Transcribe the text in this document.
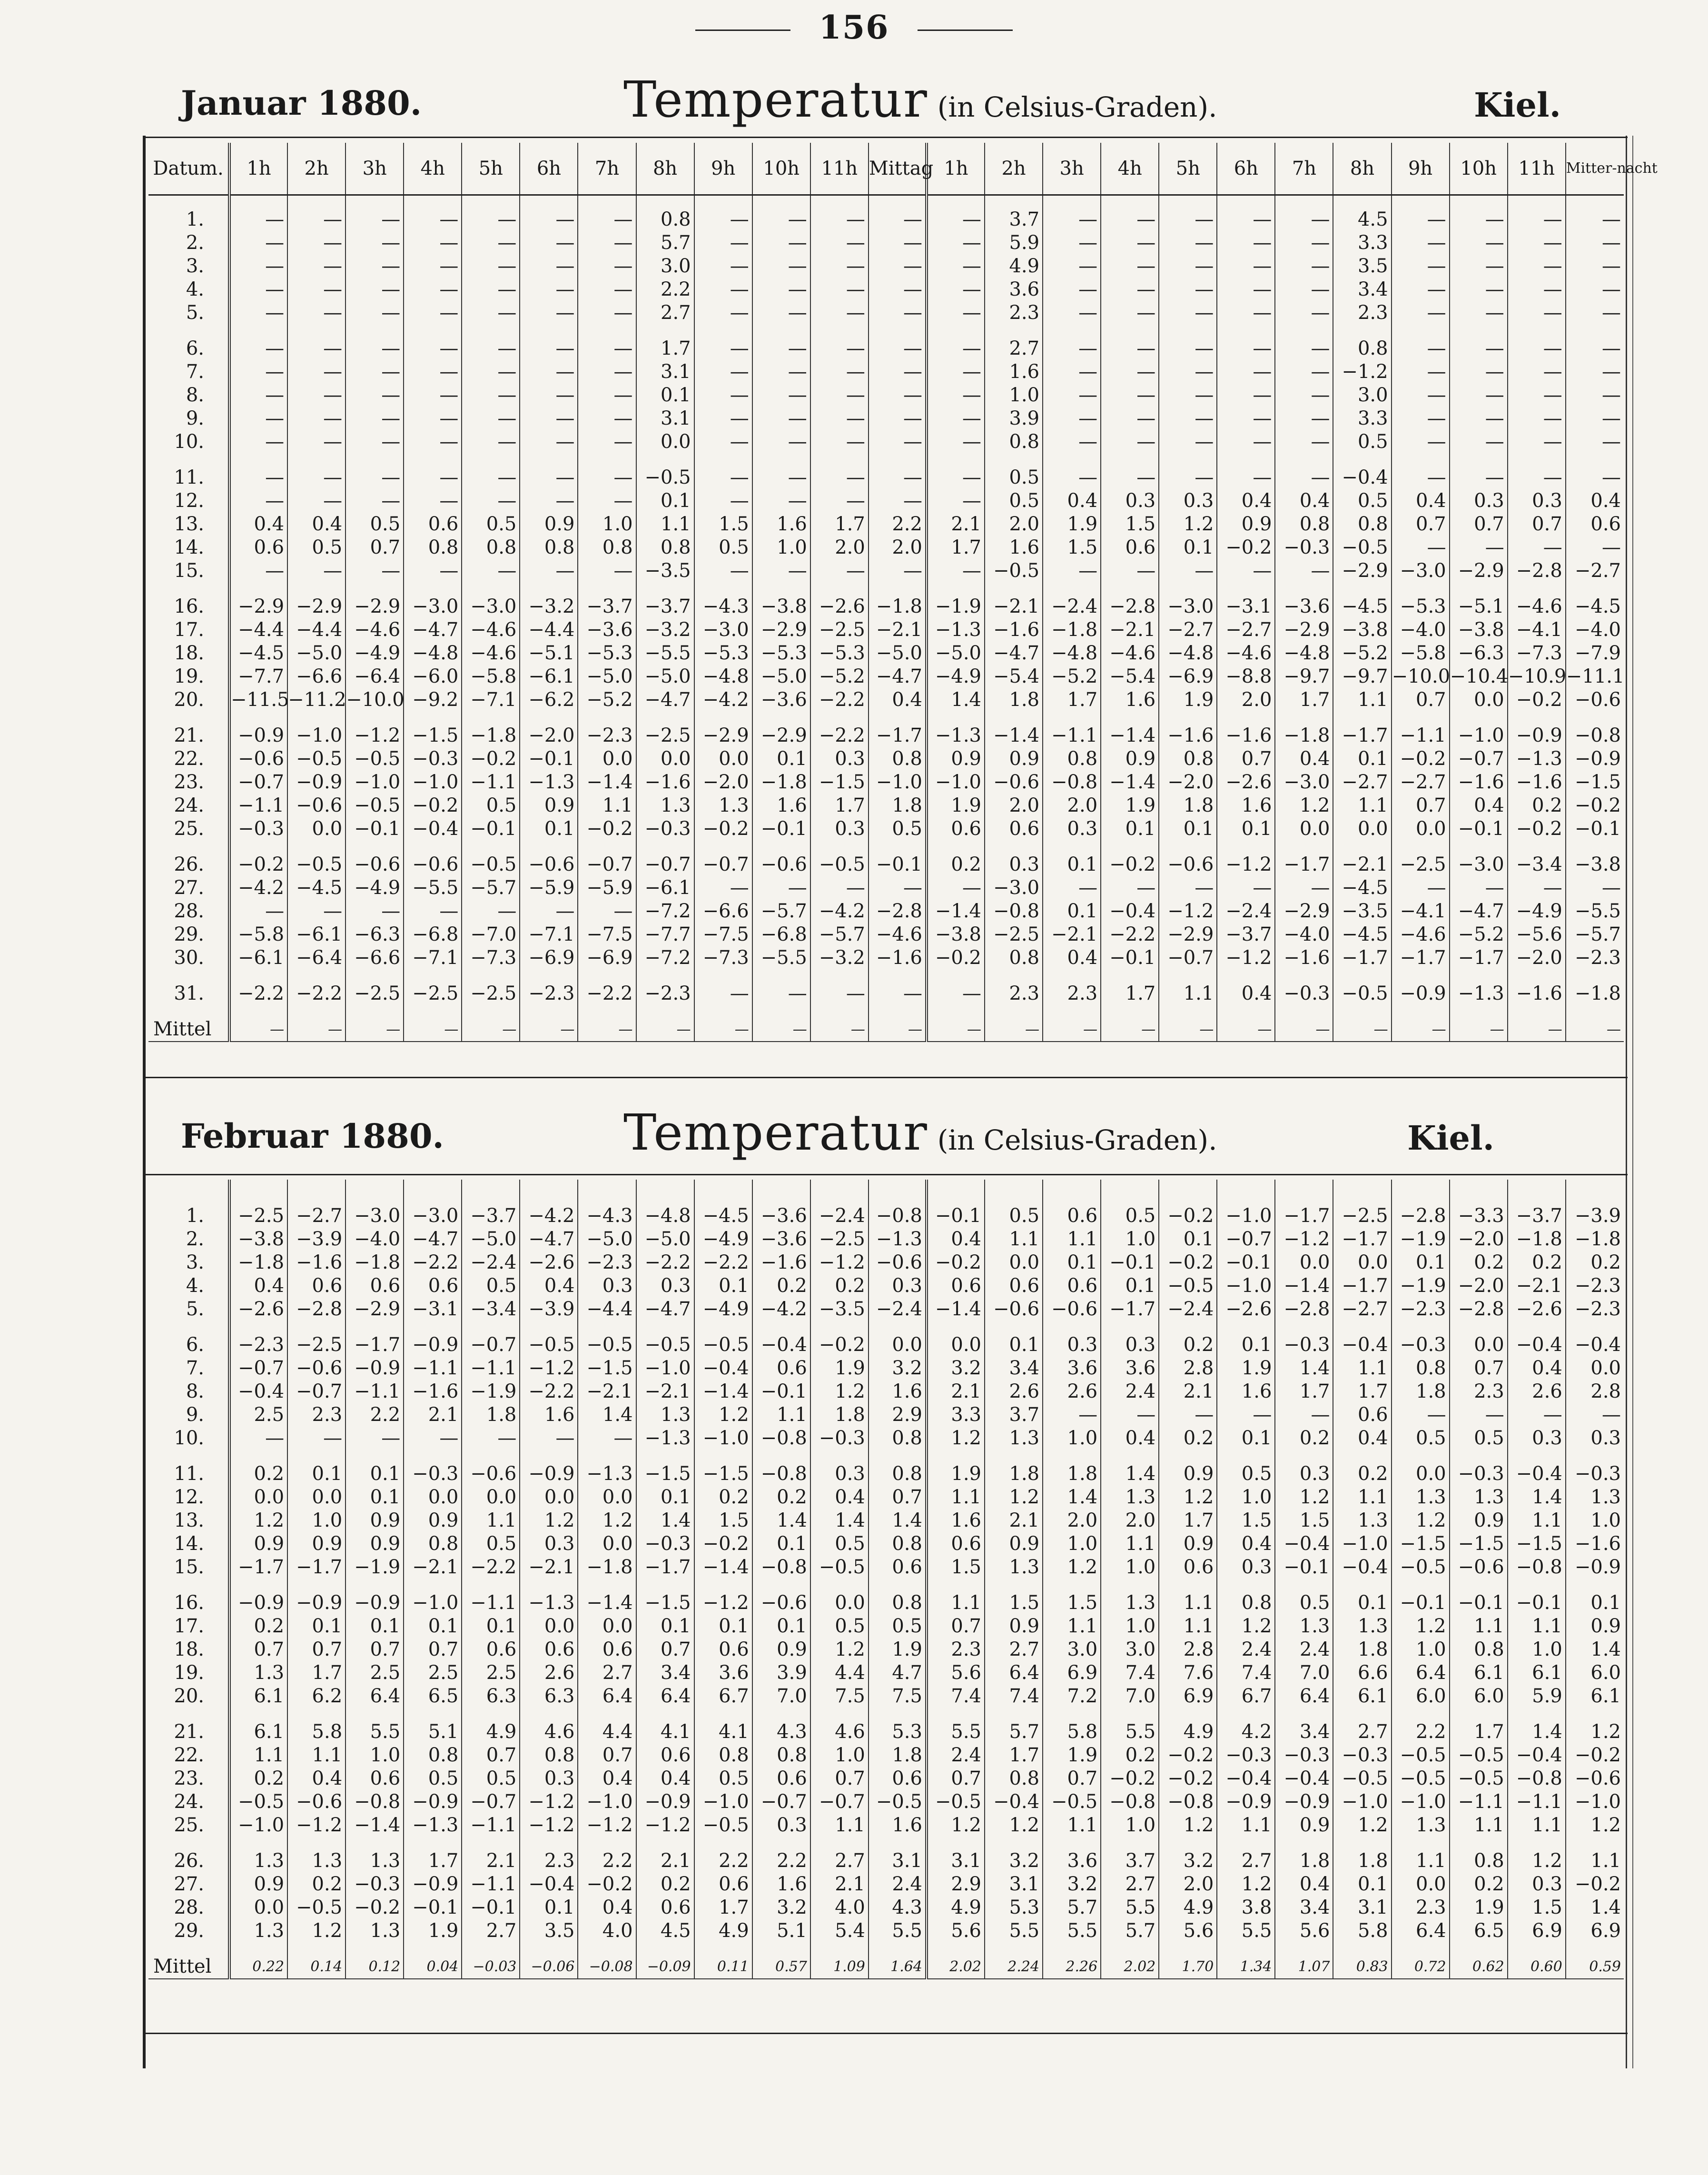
156
Januar 1880.	Temperatur (in Celsius-Graden).	Kiel.
Februar 1880.	Temperatur (in Celsius-Graden).	Kiel.
Datum.	1h	2h	3h	4h	5h	6h	7h	8h	9h	10h	11h	Mittag	1h	2h	3h	4h	5h	6h	7h	8h	9h	10h	11h	Mitter-nacht

1.	—	—	—	—	—	—	—	0.8	—	—	—	—	—	3.7	—	—	—	—	—	4.5	—	—	—	—
2.	—	—	—	—	—	—	—	5.7	—	—	—	—	—	5.9	—	—	—	—	—	3.3	—	—	—	—
3.	—	—	—	—	—	—	—	3.0	—	—	—	—	—	4.9	—	—	—	—	—	3.5	—	—	—	—
4.	—	—	—	—	—	—	—	2.2	—	—	—	—	—	3.6	—	—	—	—	—	3.4	—	—	—	—
5.	—	—	—	—	—	—	—	2.7	—	—	—	—	—	2.3	—	—	—	—	—	2.3	—	—	—	—

6.	—	—	—	—	—	—	—	1.7	—	—	—	—	—	2.7	—	—	—	—	—	0.8	—	—	—	—
7.	—	—	—	—	—	—	—	3.1	—	—	—	—	—	1.6	—	—	—	—	—	−1.2	—	—	—	—
8.	—	—	—	—	—	—	—	0.1	—	—	—	—	—	1.0	—	—	—	—	—	3.0	—	—	—	—
9.	—	—	—	—	—	—	—	3.1	—	—	—	—	—	3.9	—	—	—	—	—	3.3	—	—	—	—
10.	—	—	—	—	—	—	—	0.0	—	—	—	—	—	0.8	—	—	—	—	—	0.5	—	—	—	—

11.	—	—	—	—	—	—	—	−0.5	—	—	—	—	—	0.5	—	—	—	—	—	−0.4	—	—	—	—
12.	—	—	—	—	—	—	—	0.1	—	—	—	—	—	0.5	0.4	0.3	0.3	0.4	0.4	0.5	0.4	0.3	0.3	0.4
13.	0.4	0.4	0.5	0.6	0.5	0.9	1.0	1.1	1.5	1.6	1.7	2.2	2.1	2.0	1.9	1.5	1.2	0.9	0.8	0.8	0.7	0.7	0.7	0.6
14.	0.6	0.5	0.7	0.8	0.8	0.8	0.8	0.8	0.5	1.0	2.0	2.0	1.7	1.6	1.5	0.6	0.1	−0.2	−0.3	−0.5	—	—	—	—
15.	—	—	—	—	—	—	—	−3.5	—	—	—	—	—	−0.5	—	—	—	—	—	−2.9	−3.0	−2.9	−2.8	−2.7

16.	−2.9	−2.9	−2.9	−3.0	−3.0	−3.2	−3.7	−3.7	−4.3	−3.8	−2.6	−1.8	−1.9	−2.1	−2.4	−2.8	−3.0	−3.1	−3.6	−4.5	−5.3	−5.1	−4.6	−4.5
17.	−4.4	−4.4	−4.6	−4.7	−4.6	−4.4	−3.6	−3.2	−3.0	−2.9	−2.5	−2.1	−1.3	−1.6	−1.8	−2.1	−2.7	−2.7	−2.9	−3.8	−4.0	−3.8	−4.1	−4.0
18.	−4.5	−5.0	−4.9	−4.8	−4.6	−5.1	−5.3	−5.5	−5.3	−5.3	−5.3	−5.0	−5.0	−4.7	−4.8	−4.6	−4.8	−4.6	−4.8	−5.2	−5.8	−6.3	−7.3	−7.9
19.	−7.7	−6.6	−6.4	−6.0	−5.8	−6.1	−5.0	−5.0	−4.8	−5.0	−5.2	−4.7	−4.9	−5.4	−5.2	−5.4	−6.9	−8.8	−9.7	−9.7	−10.0	−10.4	−10.9	−11.1
20.	−11.5	−11.2	−10.0	−9.2	−7.1	−6.2	−5.2	−4.7	−4.2	−3.6	−2.2	0.4	1.4	1.8	1.7	1.6	1.9	2.0	1.7	1.1	0.7	0.0	−0.2	−0.6

21.	−0.9	−1.0	−1.2	−1.5	−1.8	−2.0	−2.3	−2.5	−2.9	−2.9	−2.2	−1.7	−1.3	−1.4	−1.1	−1.4	−1.6	−1.6	−1.8	−1.7	−1.1	−1.0	−0.9	−0.8
22.	−0.6	−0.5	−0.5	−0.3	−0.2	−0.1	0.0	0.0	0.0	0.1	0.3	0.8	0.9	0.9	0.8	0.9	0.8	0.7	0.4	0.1	−0.2	−0.7	−1.3	−0.9
23.	−0.7	−0.9	−1.0	−1.0	−1.1	−1.3	−1.4	−1.6	−2.0	−1.8	−1.5	−1.0	−1.0	−0.6	−0.8	−1.4	−2.0	−2.6	−3.0	−2.7	−2.7	−1.6	−1.6	−1.5
24.	−1.1	−0.6	−0.5	−0.2	0.5	0.9	1.1	1.3	1.3	1.6	1.7	1.8	1.9	2.0	2.0	1.9	1.8	1.6	1.2	1.1	0.7	0.4	0.2	−0.2
25.	−0.3	0.0	−0.1	−0.4	−0.1	0.1	−0.2	−0.3	−0.2	−0.1	0.3	0.5	0.6	0.6	0.3	0.1	0.1	0.1	0.0	0.0	0.0	−0.1	−0.2	−0.1

26.	−0.2	−0.5	−0.6	−0.6	−0.5	−0.6	−0.7	−0.7	−0.7	−0.6	−0.5	−0.1	0.2	0.3	0.1	−0.2	−0.6	−1.2	−1.7	−2.1	−2.5	−3.0	−3.4	−3.8
27.	−4.2	−4.5	−4.9	−5.5	−5.7	−5.9	−5.9	−6.1	—	—	—	—	—	−3.0	—	—	—	—	—	−4.5	—	—	—	—
28.	—	—	—	—	—	—	—	−7.2	−6.6	−5.7	−4.2	−2.8	−1.4	−0.8	0.1	−0.4	−1.2	−2.4	−2.9	−3.5	−4.1	−4.7	−4.9	−5.5
29.	−5.8	−6.1	−6.3	−6.8	−7.0	−7.1	−7.5	−7.7	−7.5	−6.8	−5.7	−4.6	−3.8	−2.5	−2.1	−2.2	−2.9	−3.7	−4.0	−4.5	−4.6	−5.2	−5.6	−5.7
30.	−6.1	−6.4	−6.6	−7.1	−7.3	−6.9	−6.9	−7.2	−7.3	−5.5	−3.2	−1.6	−0.2	0.8	0.4	−0.1	−0.7	−1.2	−1.6	−1.7	−1.7	−1.7	−2.0	−2.3

31.	−2.2	−2.2	−2.5	−2.5	−2.5	−2.3	−2.2	−2.3	—	—	—	—	—	2.3	2.3	1.7	1.1	0.4	−0.3	−0.5	−0.9	−1.3	−1.6	−1.8

Mittel	—	—	—	—	—	—	—	—	—	—	—	—	—	—	—	—	—	—	—	—	—	—	—	—

1.	−2.5	−2.7	−3.0	−3.0	−3.7	−4.2	−4.3	−4.8	−4.5	−3.6	−2.4	−0.8	−0.1	0.5	0.6	0.5	−0.2	−1.0	−1.7	−2.5	−2.8	−3.3	−3.7	−3.9
2.	−3.8	−3.9	−4.0	−4.7	−5.0	−4.7	−5.0	−5.0	−4.9	−3.6	−2.5	−1.3	0.4	1.1	1.1	1.0	0.1	−0.7	−1.2	−1.7	−1.9	−2.0	−1.8	−1.8
3.	−1.8	−1.6	−1.8	−2.2	−2.4	−2.6	−2.3	−2.2	−2.2	−1.6	−1.2	−0.6	−0.2	0.0	0.1	−0.1	−0.2	−0.1	0.0	0.0	0.1	0.2	0.2	0.2
4.	0.4	0.6	0.6	0.6	0.5	0.4	0.3	0.3	0.1	0.2	0.2	0.3	0.6	0.6	0.6	0.1	−0.5	−1.0	−1.4	−1.7	−1.9	−2.0	−2.1	−2.3
5.	−2.6	−2.8	−2.9	−3.1	−3.4	−3.9	−4.4	−4.7	−4.9	−4.2	−3.5	−2.4	−1.4	−0.6	−0.6	−1.7	−2.4	−2.6	−2.8	−2.7	−2.3	−2.8	−2.6	−2.3

6.	−2.3	−2.5	−1.7	−0.9	−0.7	−0.5	−0.5	−0.5	−0.5	−0.4	−0.2	0.0	0.0	0.1	0.3	0.3	0.2	0.1	−0.3	−0.4	−0.3	0.0	−0.4	−0.4
7.	−0.7	−0.6	−0.9	−1.1	−1.1	−1.2	−1.5	−1.0	−0.4	0.6	1.9	3.2	3.2	3.4	3.6	3.6	2.8	1.9	1.4	1.1	0.8	0.7	0.4	0.0
8.	−0.4	−0.7	−1.1	−1.6	−1.9	−2.2	−2.1	−2.1	−1.4	−0.1	1.2	1.6	2.1	2.6	2.6	2.4	2.1	1.6	1.7	1.7	1.8	2.3	2.6	2.8
9.	2.5	2.3	2.2	2.1	1.8	1.6	1.4	1.3	1.2	1.1	1.8	2.9	3.3	3.7	—	—	—	—	—	0.6	—	—	—	—
10.	—	—	—	—	—	—	—	−1.3	−1.0	−0.8	−0.3	0.8	1.2	1.3	1.0	0.4	0.2	0.1	0.2	0.4	0.5	0.5	0.3	0.3

11.	0.2	0.1	0.1	−0.3	−0.6	−0.9	−1.3	−1.5	−1.5	−0.8	0.3	0.8	1.9	1.8	1.8	1.4	0.9	0.5	0.3	0.2	0.0	−0.3	−0.4	−0.3
12.	0.0	0.0	0.1	0.0	0.0	0.0	0.0	0.1	0.2	0.2	0.4	0.7	1.1	1.2	1.4	1.3	1.2	1.0	1.2	1.1	1.3	1.3	1.4	1.3
13.	1.2	1.0	0.9	0.9	1.1	1.2	1.2	1.4	1.5	1.4	1.4	1.4	1.6	2.1	2.0	2.0	1.7	1.5	1.5	1.3	1.2	0.9	1.1	1.0
14.	0.9	0.9	0.9	0.8	0.5	0.3	0.0	−0.3	−0.2	0.1	0.5	0.8	0.6	0.9	1.0	1.1	0.9	0.4	−0.4	−1.0	−1.5	−1.5	−1.5	−1.6
15.	−1.7	−1.7	−1.9	−2.1	−2.2	−2.1	−1.8	−1.7	−1.4	−0.8	−0.5	0.6	1.5	1.3	1.2	1.0	0.6	0.3	−0.1	−0.4	−0.5	−0.6	−0.8	−0.9

16.	−0.9	−0.9	−0.9	−1.0	−1.1	−1.3	−1.4	−1.5	−1.2	−0.6	0.0	0.8	1.1	1.5	1.5	1.3	1.1	0.8	0.5	0.1	−0.1	−0.1	−0.1	0.1
17.	0.2	0.1	0.1	0.1	0.1	0.0	0.0	0.1	0.1	0.1	0.5	0.5	0.7	0.9	1.1	1.0	1.1	1.2	1.3	1.3	1.2	1.1	1.1	0.9
18.	0.7	0.7	0.7	0.7	0.6	0.6	0.6	0.7	0.6	0.9	1.2	1.9	2.3	2.7	3.0	3.0	2.8	2.4	2.4	1.8	1.0	0.8	1.0	1.4
19.	1.3	1.7	2.5	2.5	2.5	2.6	2.7	3.4	3.6	3.9	4.4	4.7	5.6	6.4	6.9	7.4	7.6	7.4	7.0	6.6	6.4	6.1	6.1	6.0
20.	6.1	6.2	6.4	6.5	6.3	6.3	6.4	6.4	6.7	7.0	7.5	7.5	7.4	7.4	7.2	7.0	6.9	6.7	6.4	6.1	6.0	6.0	5.9	6.1

21.	6.1	5.8	5.5	5.1	4.9	4.6	4.4	4.1	4.1	4.3	4.6	5.3	5.5	5.7	5.8	5.5	4.9	4.2	3.4	2.7	2.2	1.7	1.4	1.2
22.	1.1	1.1	1.0	0.8	0.7	0.8	0.7	0.6	0.8	0.8	1.0	1.8	2.4	1.7	1.9	0.2	−0.2	−0.3	−0.3	−0.3	−0.5	−0.5	−0.4	−0.2
23.	0.2	0.4	0.6	0.5	0.5	0.3	0.4	0.4	0.5	0.6	0.7	0.6	0.7	0.8	0.7	−0.2	−0.2	−0.4	−0.4	−0.5	−0.5	−0.5	−0.8	−0.6
24.	−0.5	−0.6	−0.8	−0.9	−0.7	−1.2	−1.0	−0.9	−1.0	−0.7	−0.7	−0.5	−0.5	−0.4	−0.5	−0.8	−0.8	−0.9	−0.9	−1.0	−1.0	−1.1	−1.1	−1.0
25.	−1.0	−1.2	−1.4	−1.3	−1.1	−1.2	−1.2	−1.2	−0.5	0.3	1.1	1.6	1.2	1.2	1.1	1.0	1.2	1.1	0.9	1.2	1.3	1.1	1.1	1.2

26.	1.3	1.3	1.3	1.7	2.1	2.3	2.2	2.1	2.2	2.2	2.7	3.1	3.1	3.2	3.6	3.7	3.2	2.7	1.8	1.8	1.1	0.8	1.2	1.1
27.	0.9	0.2	−0.3	−0.9	−1.1	−0.4	−0.2	0.2	0.6	1.6	2.1	2.4	2.9	3.1	3.2	2.7	2.0	1.2	0.4	0.1	0.0	0.2	0.3	−0.2
28.	0.0	−0.5	−0.2	−0.1	−0.1	0.1	0.4	0.6	1.7	3.2	4.0	4.3	4.9	5.3	5.7	5.5	4.9	3.8	3.4	3.1	2.3	1.9	1.5	1.4
29.	1.3	1.2	1.3	1.9	2.7	3.5	4.0	4.5	4.9	5.1	5.4	5.5	5.6	5.5	5.5	5.7	5.6	5.5	5.6	5.8	6.4	6.5	6.9	6.9

Mittel	0.22	0.14	0.12	0.04	−0.03	−0.06	−0.08	−0.09	0.11	0.57	1.09	1.64	2.02	2.24	2.26	2.02	1.70	1.34	1.07	0.83	0.72	0.62	0.60	0.59
